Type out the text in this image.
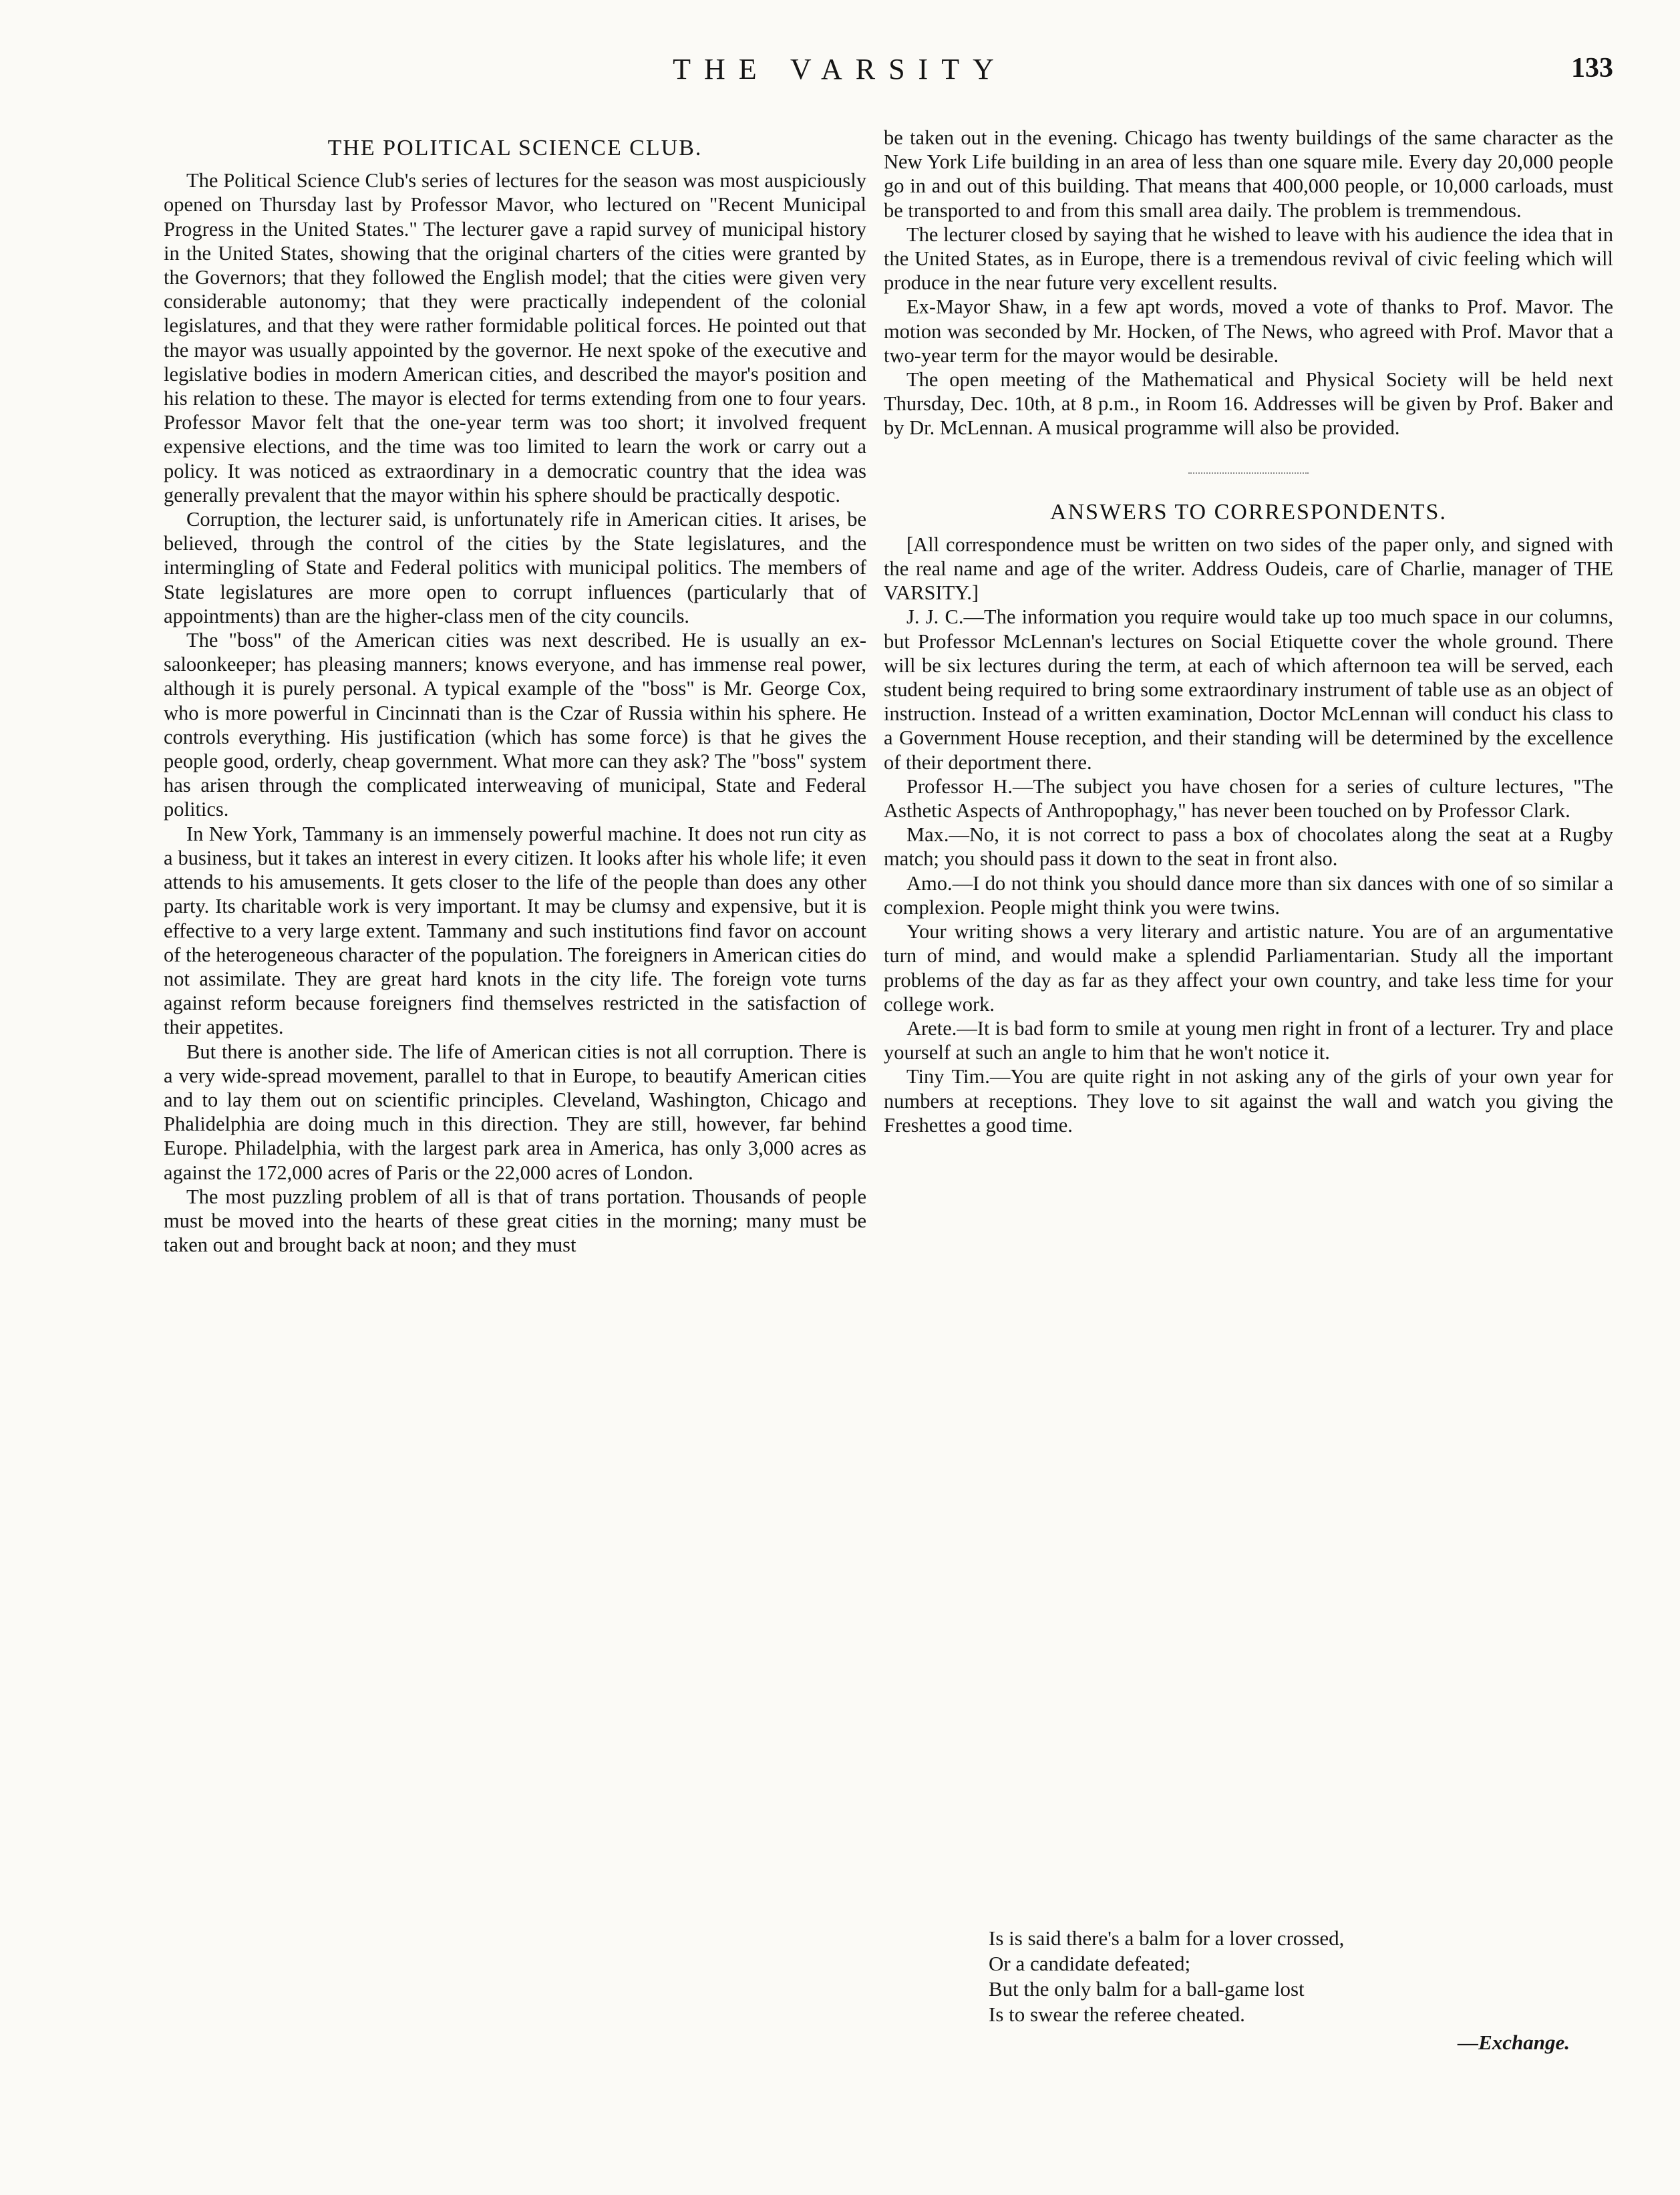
THE VARSITY	133
THE POLITICAL SCIENCE CLUB.

The Political Science Club's series of lectures for the season was most auspiciously opened on Thursday last by Professor Mavor, who lectured on "Recent Municipal Progress in the United States." The lecturer gave a rapid survey of municipal history in the United States, showing that the original charters of the cities were granted by the Governors; that they followed the English model; that the cities were given very considerable autonomy; that they were practically independent of the colonial legislatures, and that they were rather formidable political forces. He pointed out that the mayor was usually appointed by the governor. He next spoke of the executive and legislative bodies in modern American cities, and described the mayor's position and his relation to these. The mayor is elected for terms extending from one to four years. Professor Mavor felt that the one-year term was too short; it involved frequent expensive elections, and the time was too limited to learn the work or carry out a policy. It was noticed as extraordinary in a democratic country that the idea was generally prevalent that the mayor within his sphere should be practically despotic.

Corruption, the lecturer said, is unfortunately rife in American cities. It arises, be believed, through the control of the cities by the State legislatures, and the intermingling of State and Federal politics with municipal politics. The members of State legislatures are more open to corrupt influences (particularly that of appointments) than are the higher-class men of the city councils.

The "boss" of the American cities was next described. He is usually an ex-saloonkeeper; has pleasing manners; knows everyone, and has immense real power, although it is purely personal. A typical example of the "boss" is Mr. George Cox, who is more powerful in Cincinnati than is the Czar of Russia within his sphere. He controls everything. His justification (which has some force) is that he gives the people good, orderly, cheap government. What more can they ask? The "boss" system has arisen through the complicated interweaving of municipal, State and Federal politics.

In New York, Tammany is an immensely powerful machine. It does not run city as a business, but it takes an interest in every citizen. It looks after his whole life; it even attends to his amusements. It gets closer to the life of the people than does any other party. Its charitable work is very important. It may be clumsy and expensive, but it is effective to a very large extent. Tammany and such institutions find favor on account of the heterogeneous character of the population. The foreigners in American cities do not assimilate. They are great hard knots in the city life. The foreign vote turns against reform because foreigners find themselves restricted in the satisfaction of their appetites.

But there is another side. The life of American cities is not all corruption. There is a very wide-spread movement, parallel to that in Europe, to beautify American cities and to lay them out on scientific principles. Cleveland, Washington, Chicago and Phalidelphia are doing much in this direction. They are still, however, far behind Europe. Philadelphia, with the largest park area in America, has only 3,000 acres as against the 172,000 acres of Paris or the 22,000 acres of London.

The most puzzling problem of all is that of trans portation. Thousands of people must be moved into the hearts of these great cities in the morning; many must be taken out and brought back at noon; and they must

be taken out in the evening. Chicago has twenty buildings of the same character as the New York Life building in an area of less than one square mile. Every day 20,000 people go in and out of this building. That means that 400,000 people, or 10,000 carloads, must be transported to and from this small area daily. The problem is tremmendous.

The lecturer closed by saying that he wished to leave with his audience the idea that in the United States, as in Europe, there is a tremendous revival of civic feeling which will produce in the near future very excellent results.

Ex-Mayor Shaw, in a few apt words, moved a vote of thanks to Prof. Mavor. The motion was seconded by Mr. Hocken, of The News, who agreed with Prof. Mavor that a two-year term for the mayor would be desirable.

The open meeting of the Mathematical and Physical Society will be held next Thursday, Dec. 10th, at 8 p.m., in Room 16. Addresses will be given by Prof. Baker and by Dr. McLennan. A musical programme will also be provided.

ANSWERS TO CORRESPONDENTS.

[All correspondence must be written on two sides of the paper only, and signed with the real name and age of the writer. Address Oudeis, care of Charlie, manager of THE VARSITY.]

J. J. C.—The information you require would take up too much space in our columns, but Professor McLennan's lectures on Social Etiquette cover the whole ground. There will be six lectures during the term, at each of which afternoon tea will be served, each student being required to bring some extraordinary instrument of table use as an object of instruction. Instead of a written examination, Doctor McLennan will conduct his class to a Government House reception, and their standing will be determined by the excellence of their deportment there.

Professor H.—The subject you have chosen for a series of culture lectures, "The Asthetic Aspects of Anthropophagy," has never been touched on by Professor Clark.

Max.—No, it is not correct to pass a box of chocolates along the seat at a Rugby match; you should pass it down to the seat in front also.

Amo.—I do not think you should dance more than six dances with one of so similar a complexion. People might think you were twins.

Your writing shows a very literary and artistic nature. You are of an argumentative turn of mind, and would make a splendid Parliamentarian. Study all the important problems of the day as far as they affect your own country, and take less time for your college work.

Arete.—It is bad form to smile at young men right in front of a lecturer. Try and place yourself at such an angle to him that he won't notice it.

Tiny Tim.—You are quite right in not asking any of the girls of your own year for numbers at receptions. They love to sit against the wall and watch you giving the Freshettes a good time.

Is is said there's a balm for a lover crossed,
Or a candidate defeated;
But the only balm for a ball-game lost
Is to swear the referee cheated.
—Exchange.
